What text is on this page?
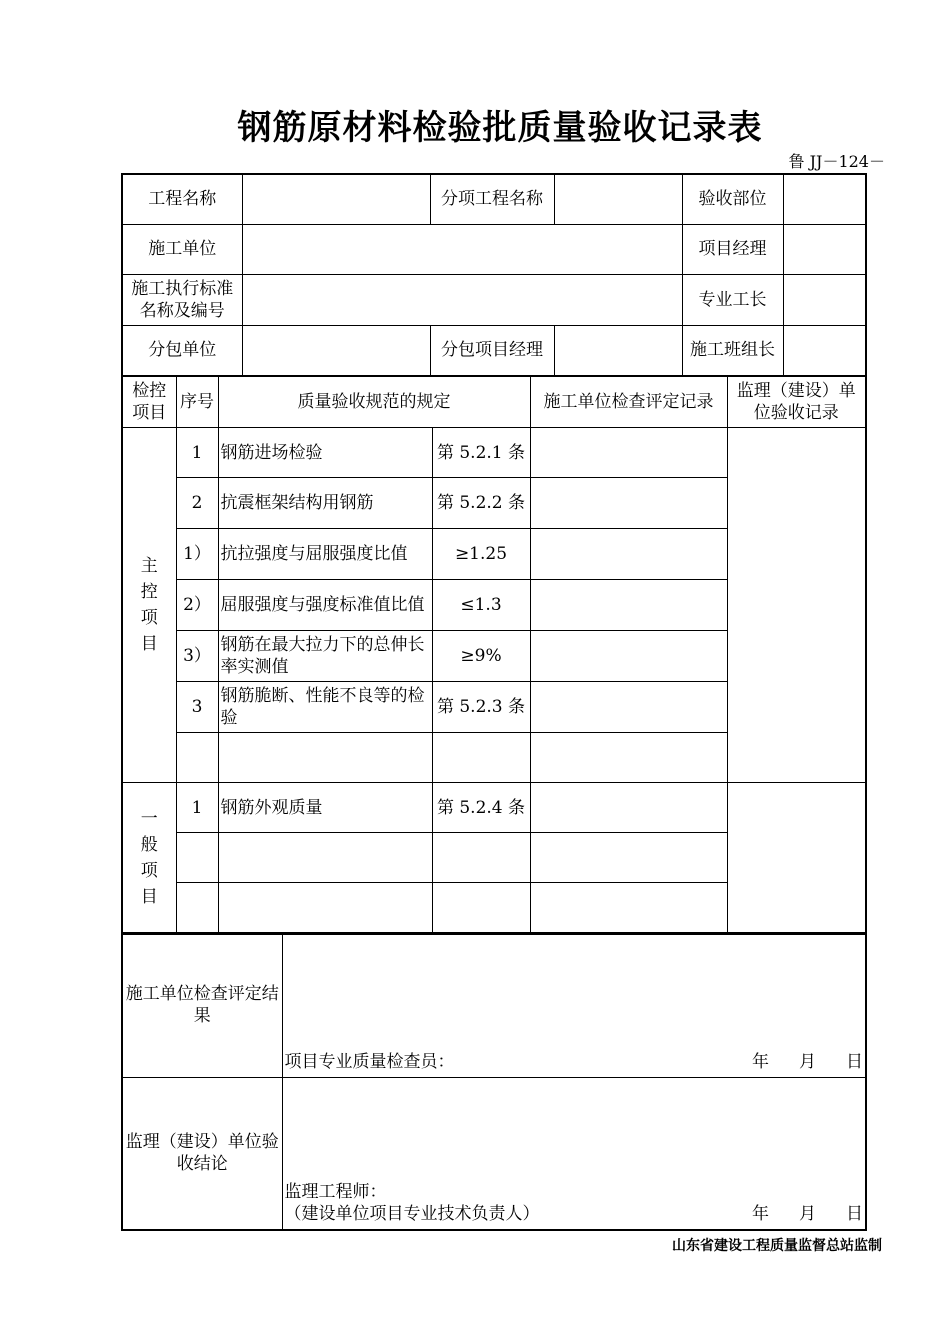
钢筋原材料检验批质量验收记录表
鲁 JJ－124－
工程名称		分项工程名称		验收部位	
施工单位				项目经理	
施工执行标准名称及编号				专业工长	
分包单位		分包项目经理		施工班组长	
检控项目	序号	质量验收规范的规定		施工单位检查评定记录	监理（建设）单位验收记录
主控项目	1	钢筋进场检验	第 5.2.1 条		
	2	抗震框架结构用钢筋	第 5.2.2 条		
	1）	抗拉强度与屈服强度比值	≥1.25		
	2）	屈服强度与强度标准值比值	≤1.3		
	3）	钢筋在最大拉力下的总伸长率实测值	≥9%		
	3	钢筋脆断、性能不良等的检验	第 5.2.3 条		

一般项目	1	钢筋外观质量	第 5.2.4 条		

施工单位检查评定结果	项目专业质量检查员： 年 月 日

监理（建设）单位验收结论	监理工程师：
（建设单位项目专业技术负责人） 年 月 日
山东省建设工程质量监督总站监制
